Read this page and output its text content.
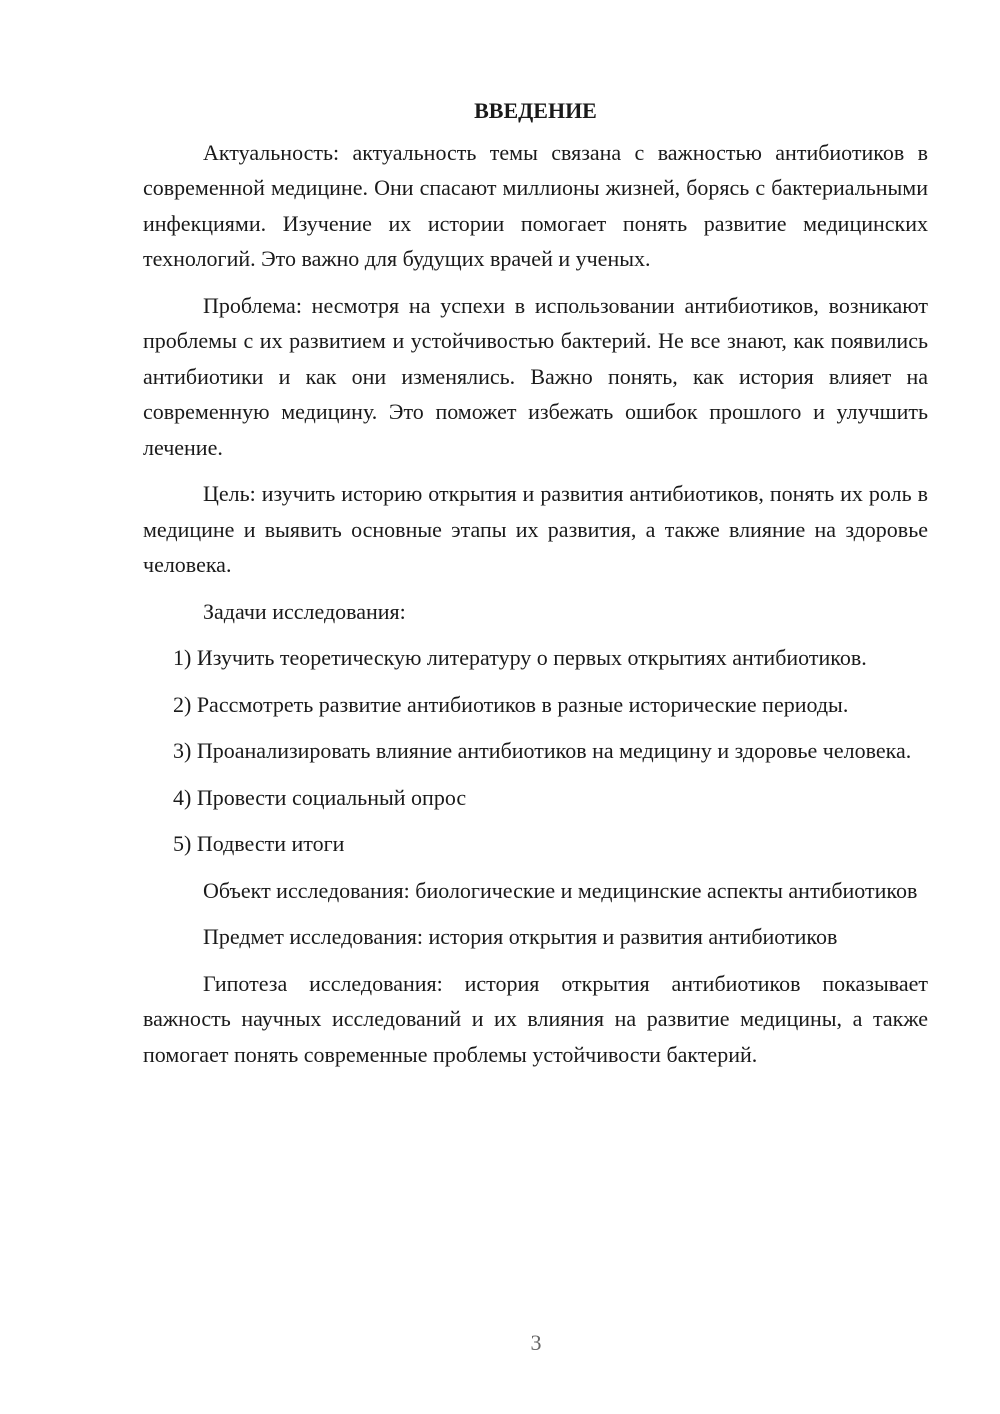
ВВЕДЕНИЕ

Актуальность: актуальность темы связана с важностью антибиотиков в современной медицине. Они спасают миллионы жизней, борясь с бактериальными инфекциями. Изучение их истории помогает понять развитие медицинских технологий. Это важно для будущих врачей и ученых.

Проблема: несмотря на успехи в использовании антибиотиков, возникают проблемы с их развитием и устойчивостью бактерий. Не все знают, как появились антибиотики и как они изменялись. Важно понять, как история влияет на современную медицину. Это поможет избежать ошибок прошлого и улучшить лечение.

Цель: изучить историю открытия и развития антибиотиков, понять их роль в медицине и выявить основные этапы их развития, а также влияние на здоровье человека.

Задачи исследования:

1) Изучить теоретическую литературу о первых открытиях антибиотиков.

2) Рассмотреть развитие антибиотиков в разные исторические периоды.

3) Проанализировать влияние антибиотиков на медицину и здоровье человека.

4) Провести социальный опрос

5) Подвести итоги

Объект исследования: биологические и медицинские аспекты антибиотиков

Предмет исследования: история открытия и развития антибиотиков

Гипотеза исследования: история открытия антибиотиков показывает важность научных исследований и их влияния на развитие медицины, а также помогает понять современные проблемы устойчивости бактерий.

3
